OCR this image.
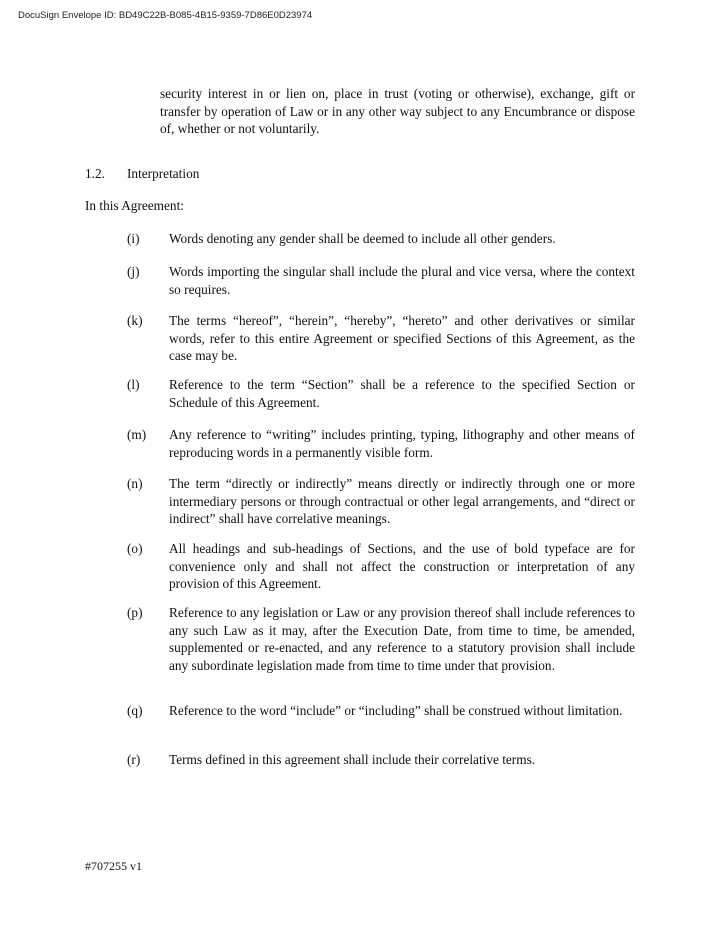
DocuSign Envelope ID: BD49C22B-B085-4B15-9359-7D86E0D23974
security interest in or lien on, place in trust (voting or otherwise), exchange, gift or transfer by operation of Law or in any other way subject to any Encumbrance or dispose of, whether or not voluntarily.
1.2. Interpretation
In this Agreement:
(i) Words denoting any gender shall be deemed to include all other genders.
(j) Words importing the singular shall include the plural and vice versa, where the context so requires.
(k) The terms “hereof”, “herein”, “hereby”, “hereto” and other derivatives or similar words, refer to this entire Agreement or specified Sections of this Agreement, as the case may be.
(l) Reference to the term “Section” shall be a reference to the specified Section or Schedule of this Agreement.
(m) Any reference to “writing” includes printing, typing, lithography and other means of reproducing words in a permanently visible form.
(n) The term “directly or indirectly” means directly or indirectly through one or more intermediary persons or through contractual or other legal arrangements, and “direct or indirect” shall have correlative meanings.
(o) All headings and sub-headings of Sections, and the use of bold typeface are for convenience only and shall not affect the construction or interpretation of any provision of this Agreement.
(p) Reference to any legislation or Law or any provision thereof shall include references to any such Law as it may, after the Execution Date, from time to time, be amended, supplemented or re-enacted, and any reference to a statutory provision shall include any subordinate legislation made from time to time under that provision.
(q) Reference to the word “include” or “including” shall be construed without limitation.
(r) Terms defined in this agreement shall include their correlative terms.
#707255 v1
